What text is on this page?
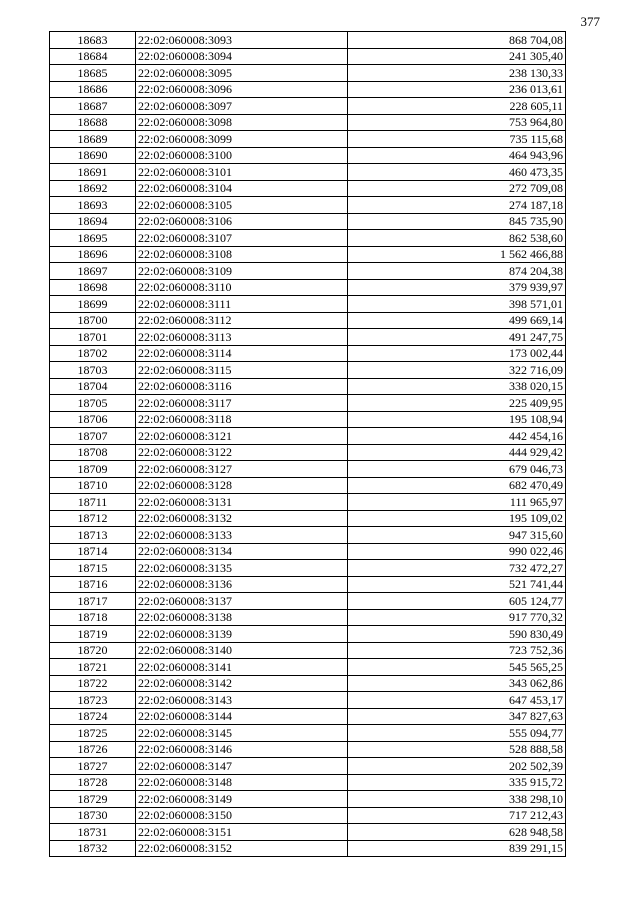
377
18683	22:02:060008:3093	868 704,08
18684	22:02:060008:3094	241 305,40
18685	22:02:060008:3095	238 130,33
18686	22:02:060008:3096	236 013,61
18687	22:02:060008:3097	228 605,11
18688	22:02:060008:3098	753 964,80
18689	22:02:060008:3099	735 115,68
18690	22:02:060008:3100	464 943,96
18691	22:02:060008:3101	460 473,35
18692	22:02:060008:3104	272 709,08
18693	22:02:060008:3105	274 187,18
18694	22:02:060008:3106	845 735,90
18695	22:02:060008:3107	862 538,60
18696	22:02:060008:3108	1 562 466,88
18697	22:02:060008:3109	874 204,38
18698	22:02:060008:3110	379 939,97
18699	22:02:060008:3111	398 571,01
18700	22:02:060008:3112	499 669,14
18701	22:02:060008:3113	491 247,75
18702	22:02:060008:3114	173 002,44
18703	22:02:060008:3115	322 716,09
18704	22:02:060008:3116	338 020,15
18705	22:02:060008:3117	225 409,95
18706	22:02:060008:3118	195 108,94
18707	22:02:060008:3121	442 454,16
18708	22:02:060008:3122	444 929,42
18709	22:02:060008:3127	679 046,73
18710	22:02:060008:3128	682 470,49
18711	22:02:060008:3131	111 965,97
18712	22:02:060008:3132	195 109,02
18713	22:02:060008:3133	947 315,60
18714	22:02:060008:3134	990 022,46
18715	22:02:060008:3135	732 472,27
18716	22:02:060008:3136	521 741,44
18717	22:02:060008:3137	605 124,77
18718	22:02:060008:3138	917 770,32
18719	22:02:060008:3139	590 830,49
18720	22:02:060008:3140	723 752,36
18721	22:02:060008:3141	545 565,25
18722	22:02:060008:3142	343 062,86
18723	22:02:060008:3143	647 453,17
18724	22:02:060008:3144	347 827,63
18725	22:02:060008:3145	555 094,77
18726	22:02:060008:3146	528 888,58
18727	22:02:060008:3147	202 502,39
18728	22:02:060008:3148	335 915,72
18729	22:02:060008:3149	338 298,10
18730	22:02:060008:3150	717 212,43
18731	22:02:060008:3151	628 948,58
18732	22:02:060008:3152	839 291,15
